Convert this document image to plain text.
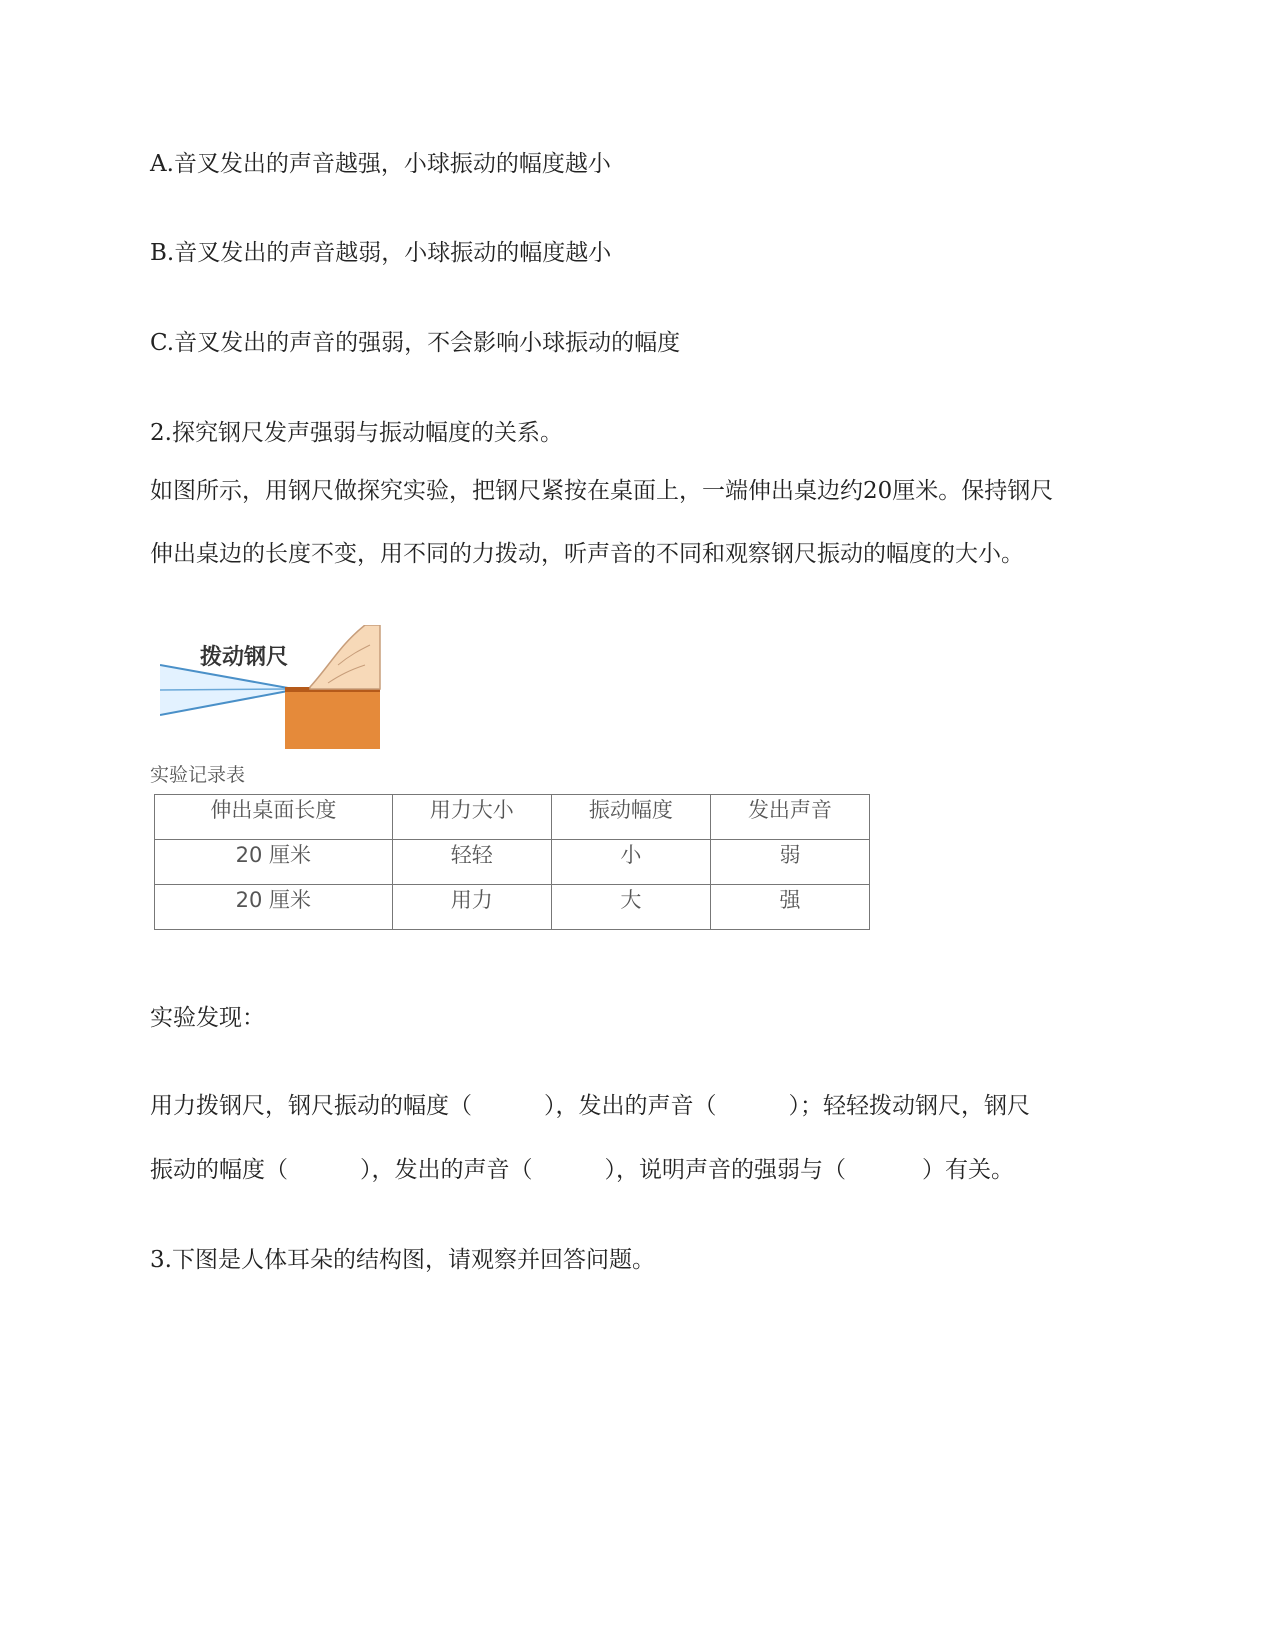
A.音叉发出的声音越强，小球振动的幅度越小
B.音叉发出的声音越弱，小球振动的幅度越小
C.音叉发出的声音的强弱，不会影响小球振动的幅度
2.探究钢尺发声强弱与振动幅度的关系。
如图所示，用钢尺做探究实验，把钢尺紧按在桌面上，一端伸出桌边约20厘米。保持钢尺
伸出桌边的长度不变，用不同的力拨动，听声音的不同和观察钢尺振动的幅度的大小。
拨动钢尺
实验记录表
伸出桌面长度	用力大小	振动幅度	发出声音
20 厘米	轻轻	小	弱
20 厘米	用力	大	强
实验发现：
用力拨钢尺，钢尺振动的幅度（	），发出的声音（	）；轻轻拨动钢尺，钢尺
振动的幅度（	），发出的声音（	），说明声音的强弱与（	）有关。
3.下图是人体耳朵的结构图，请观察并回答问题。
